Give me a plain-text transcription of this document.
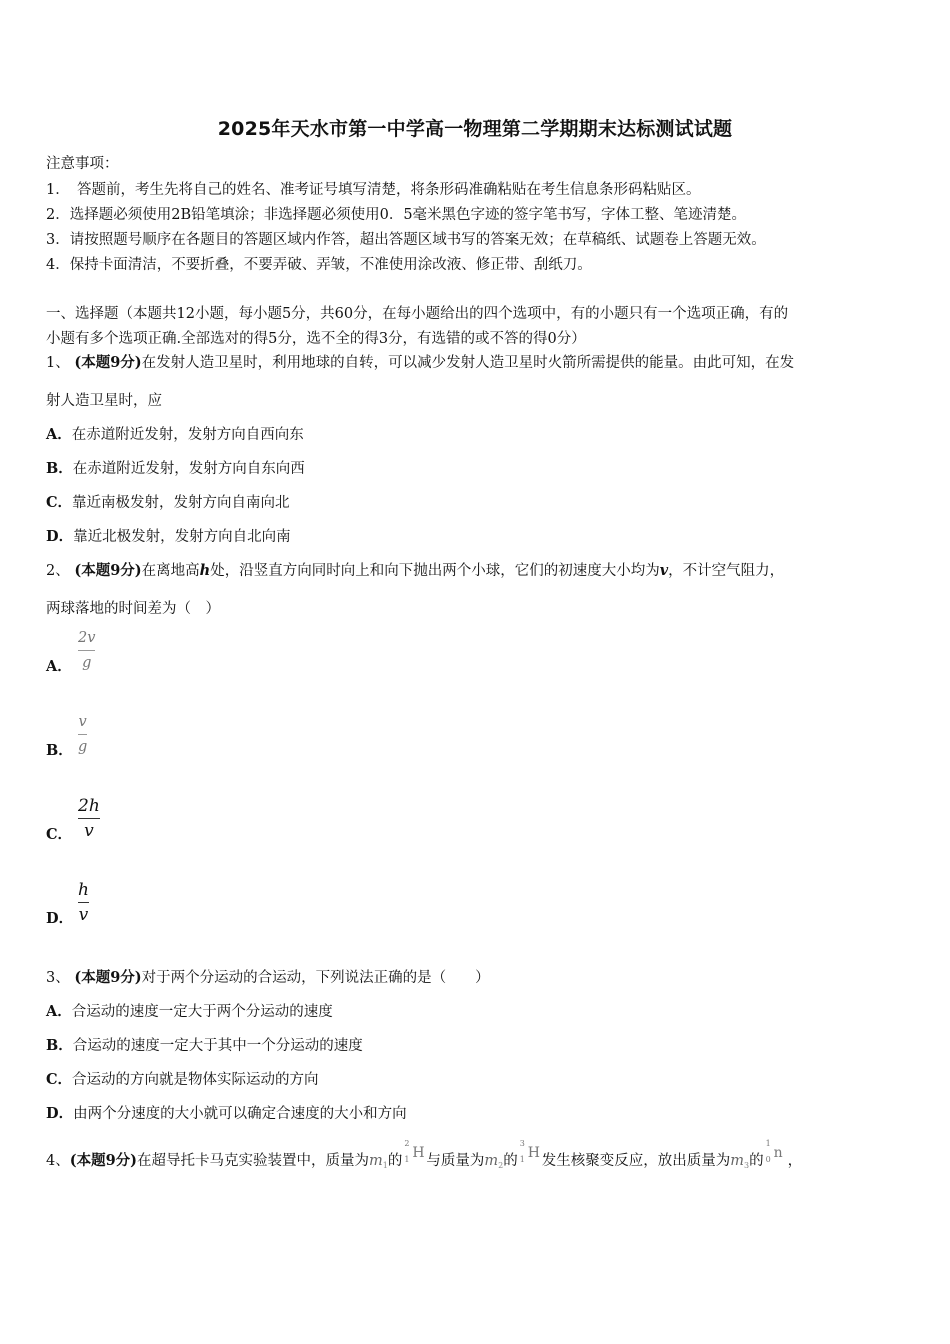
2025年天水市第一中学高一物理第二学期期末达标测试试题
注意事项：
1．　答题前，考生先将自己的姓名、准考证号填写清楚，将条形码准确粘贴在考生信息条形码粘贴区。
2．选择题必须使用2B铅笔填涂；非选择题必须使用0．5毫米黑色字迹的签字笔书写，字体工整、笔迹清楚。
3．请按照题号顺序在各题目的答题区域内作答，超出答题区域书写的答案无效；在草稿纸、试题卷上答题无效。
4．保持卡面清洁，不要折叠，不要弄破、弄皱，不准使用涂改液、修正带、刮纸刀。
一、选择题（本题共12小题，每小题5分，共60分，在每小题给出的四个选项中，有的小题只有一个选项正确，有的
小题有多个选项正确.全部选对的得5分，选不全的得3分，有选错的或不答的得0分）
1、 (本题9分)在发射人造卫星时，利用地球的自转，可以减少发射人造卫星时火箭所需提供的能量。由此可知，在发
射人造卫星时，应
A．在赤道附近发射，发射方向自西向东
B．在赤道附近发射，发射方向自东向西
C．靠近南极发射，发射方向自南向北
D．靠近北极发射，发射方向自北向南
2、 (本题9分)在离地高h处，沿竖直方向同时向上和向下抛出两个小球，它们的初速度大小均为v，不计空气阻力，
两球落地的时间差为（　）
A．
2v
g
B．
v
g
C．
2h
v
D．
h
v
3、 (本题9分)对于两个分运动的合运动，下列说法正确的是（　　）
A．合运动的速度一定大于两个分运动的速度
B．合运动的速度一定大于其中一个分运动的速度
C．合运动的方向就是物体实际运动的方向
D．由两个分速度的大小就可以确定合速度的大小和方向
4、(本题9分)在超导托卡马克实验装置中，质量为$m_1$的
2
1 H 与质量为$m_2$的
3
1 H 发生核聚变反应，放出质量为$m_3$的
1
0 n ，
